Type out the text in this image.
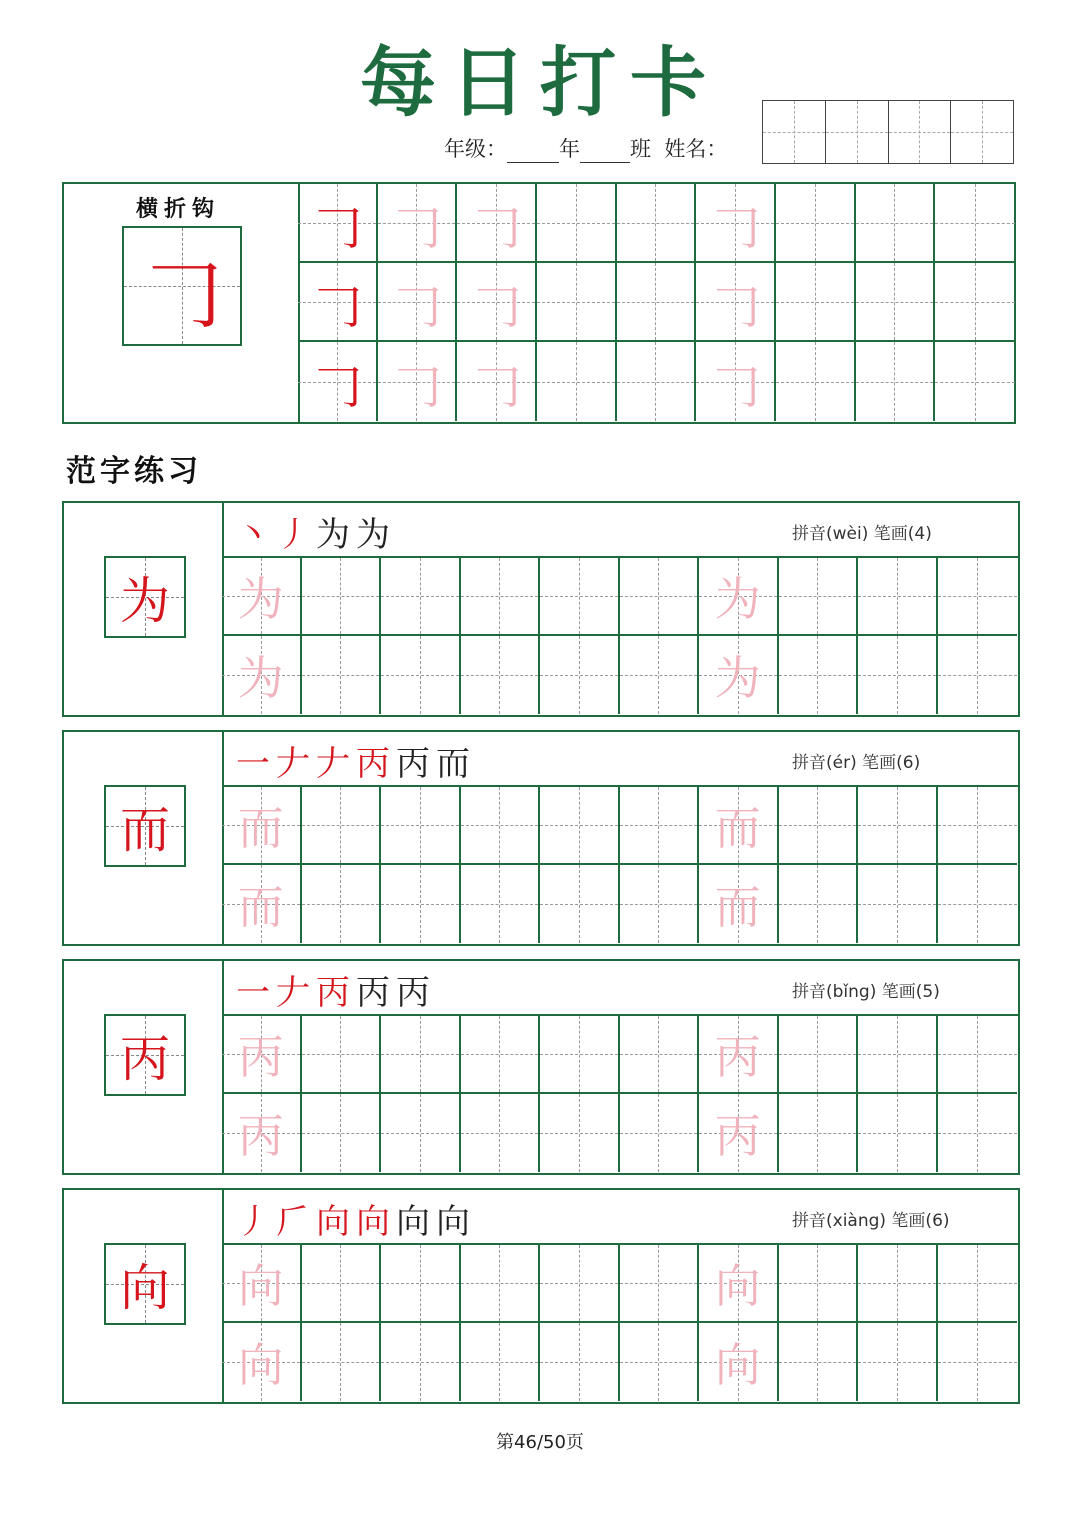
每日打卡
年级： 年 班 姓名：
横折钩
𠃌
𠃌 𠃌 𠃌	𠃌
𠃌 𠃌 𠃌	𠃌
𠃌 𠃌 𠃌	𠃌
范字练习
为
丶丿为为	拼音(wèi) 笔画(4)
为	为
为	为
而
一𠂇𠂇丙丙而	拼音(ér) 笔画(6)
而	而
而	而
丙
一𠂇丙丙丙	拼音(bǐng) 笔画(5)
丙	丙
丙	丙
向
丿𠂆向向向向	拼音(xiàng) 笔画(6)
向	向
向	向
第46/50页
